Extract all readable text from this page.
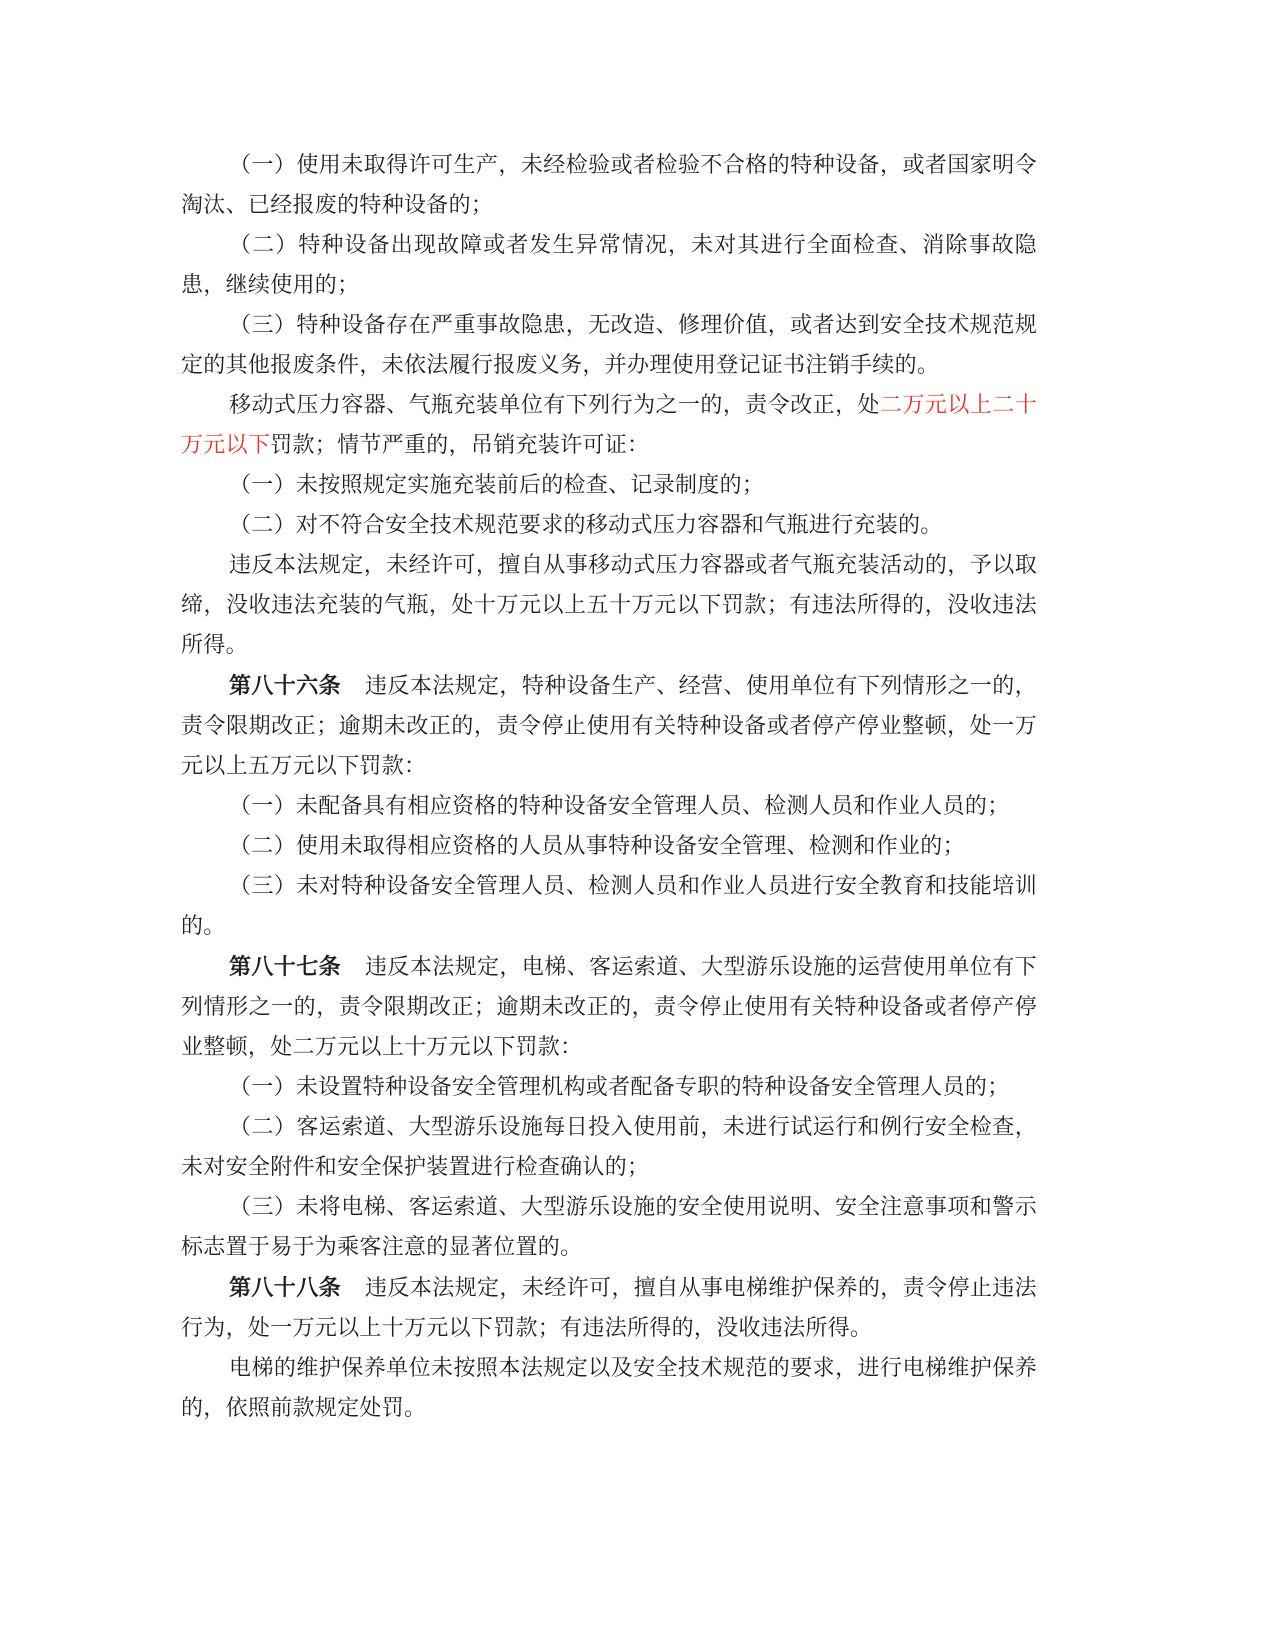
（一）使用未取得许可生产，未经检验或者检验不合格的特种设备，或者国家明令淘汰、已经报废的特种设备的；

（二）特种设备出现故障或者发生异常情况，未对其进行全面检查、消除事故隐患，继续使用的；

（三）特种设备存在严重事故隐患，无改造、修理价值，或者达到安全技术规范规定的其他报废条件，未依法履行报废义务，并办理使用登记证书注销手续的。

移动式压力容器、气瓶充装单位有下列行为之一的，责令改正，处二万元以上二十万元以下罚款；情节严重的，吊销充装许可证：

（一）未按照规定实施充装前后的检查、记录制度的；

（二）对不符合安全技术规范要求的移动式压力容器和气瓶进行充装的。

违反本法规定，未经许可，擅自从事移动式压力容器或者气瓶充装活动的，予以取缔，没收违法充装的气瓶，处十万元以上五十万元以下罚款；有违法所得的，没收违法所得。

第八十六条 违反本法规定，特种设备生产、经营、使用单位有下列情形之一的，责令限期改正；逾期未改正的，责令停止使用有关特种设备或者停产停业整顿，处一万元以上五万元以下罚款：

（一）未配备具有相应资格的特种设备安全管理人员、检测人员和作业人员的；

（二）使用未取得相应资格的人员从事特种设备安全管理、检测和作业的；

（三）未对特种设备安全管理人员、检测人员和作业人员进行安全教育和技能培训的。

第八十七条 违反本法规定，电梯、客运索道、大型游乐设施的运营使用单位有下列情形之一的，责令限期改正；逾期未改正的，责令停止使用有关特种设备或者停产停业整顿，处二万元以上十万元以下罚款：

（一）未设置特种设备安全管理机构或者配备专职的特种设备安全管理人员的；

（二）客运索道、大型游乐设施每日投入使用前，未进行试运行和例行安全检查，未对安全附件和安全保护装置进行检查确认的；

（三）未将电梯、客运索道、大型游乐设施的安全使用说明、安全注意事项和警示标志置于易于为乘客注意的显著位置的。

第八十八条 违反本法规定，未经许可，擅自从事电梯维护保养的，责令停止违法行为，处一万元以上十万元以下罚款；有违法所得的，没收违法所得。

电梯的维护保养单位未按照本法规定以及安全技术规范的要求，进行电梯维护保养的，依照前款规定处罚。
